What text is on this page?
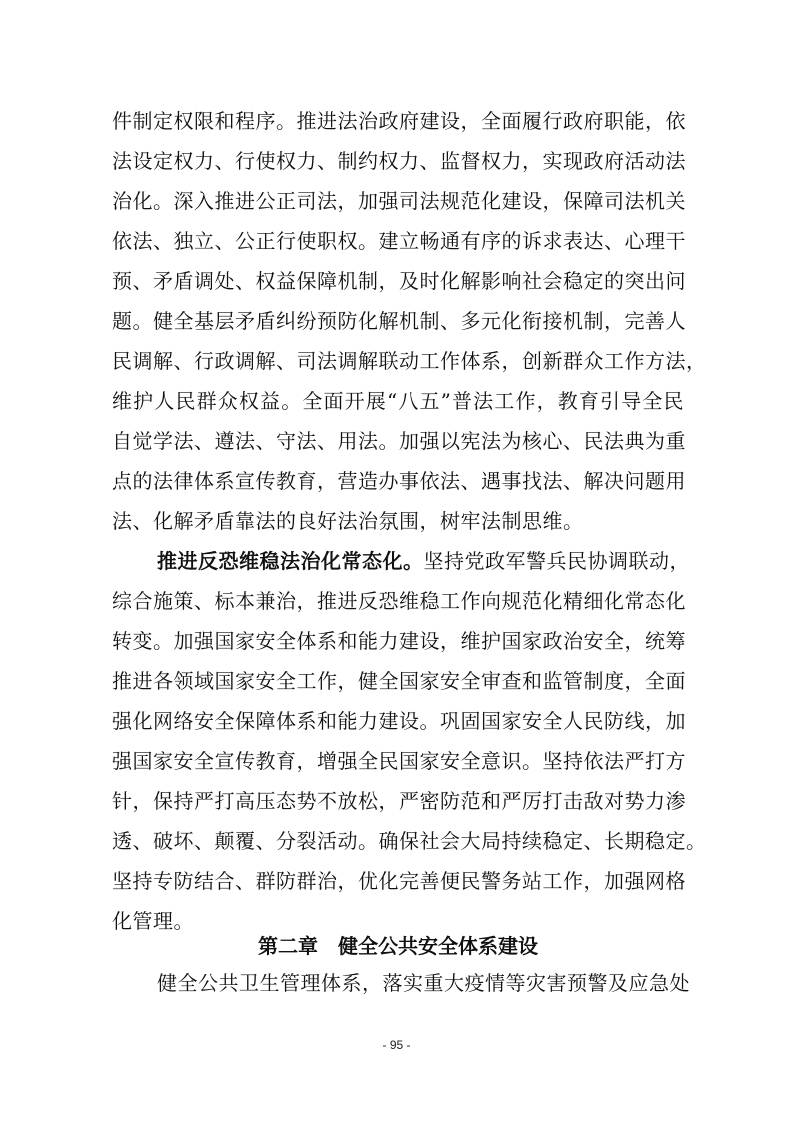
件制定权限和程序。推进法治政府建设，全面履行政府职能，依
法设定权力、行使权力、制约权力、监督权力，实现政府活动法
治化。深入推进公正司法，加强司法规范化建设，保障司法机关
依法、独立、公正行使职权。建立畅通有序的诉求表达、心理干
预、矛盾调处、权益保障机制，及时化解影响社会稳定的突出问
题。健全基层矛盾纠纷预防化解机制、多元化衔接机制，完善人
民调解、行政调解、司法调解联动工作体系，创新群众工作方法，
维护人民群众权益。全面开展“八五”普法工作，教育引导全民
自觉学法、遵法、守法、用法。加强以宪法为核心、民法典为重
点的法律体系宣传教育，营造办事依法、遇事找法、解决问题用
法、化解矛盾靠法的良好法治氛围，树牢法制思维。
推进反恐维稳法治化常态化。坚持党政军警兵民协调联动，
综合施策、标本兼治，推进反恐维稳工作向规范化精细化常态化
转变。加强国家安全体系和能力建设，维护国家政治安全，统筹
推进各领域国家安全工作，健全国家安全审查和监管制度，全面
强化网络安全保障体系和能力建设。巩固国家安全人民防线，加
强国家安全宣传教育，增强全民国家安全意识。坚持依法严打方
针，保持严打高压态势不放松，严密防范和严厉打击敌对势力渗
透、破坏、颠覆、分裂活动。确保社会大局持续稳定、长期稳定。
坚持专防结合、群防群治，优化完善便民警务站工作，加强网格
化管理。
第二章　健全公共安全体系建设
健全公共卫生管理体系，落实重大疫情等灾害预警及应急处
- 95 -
